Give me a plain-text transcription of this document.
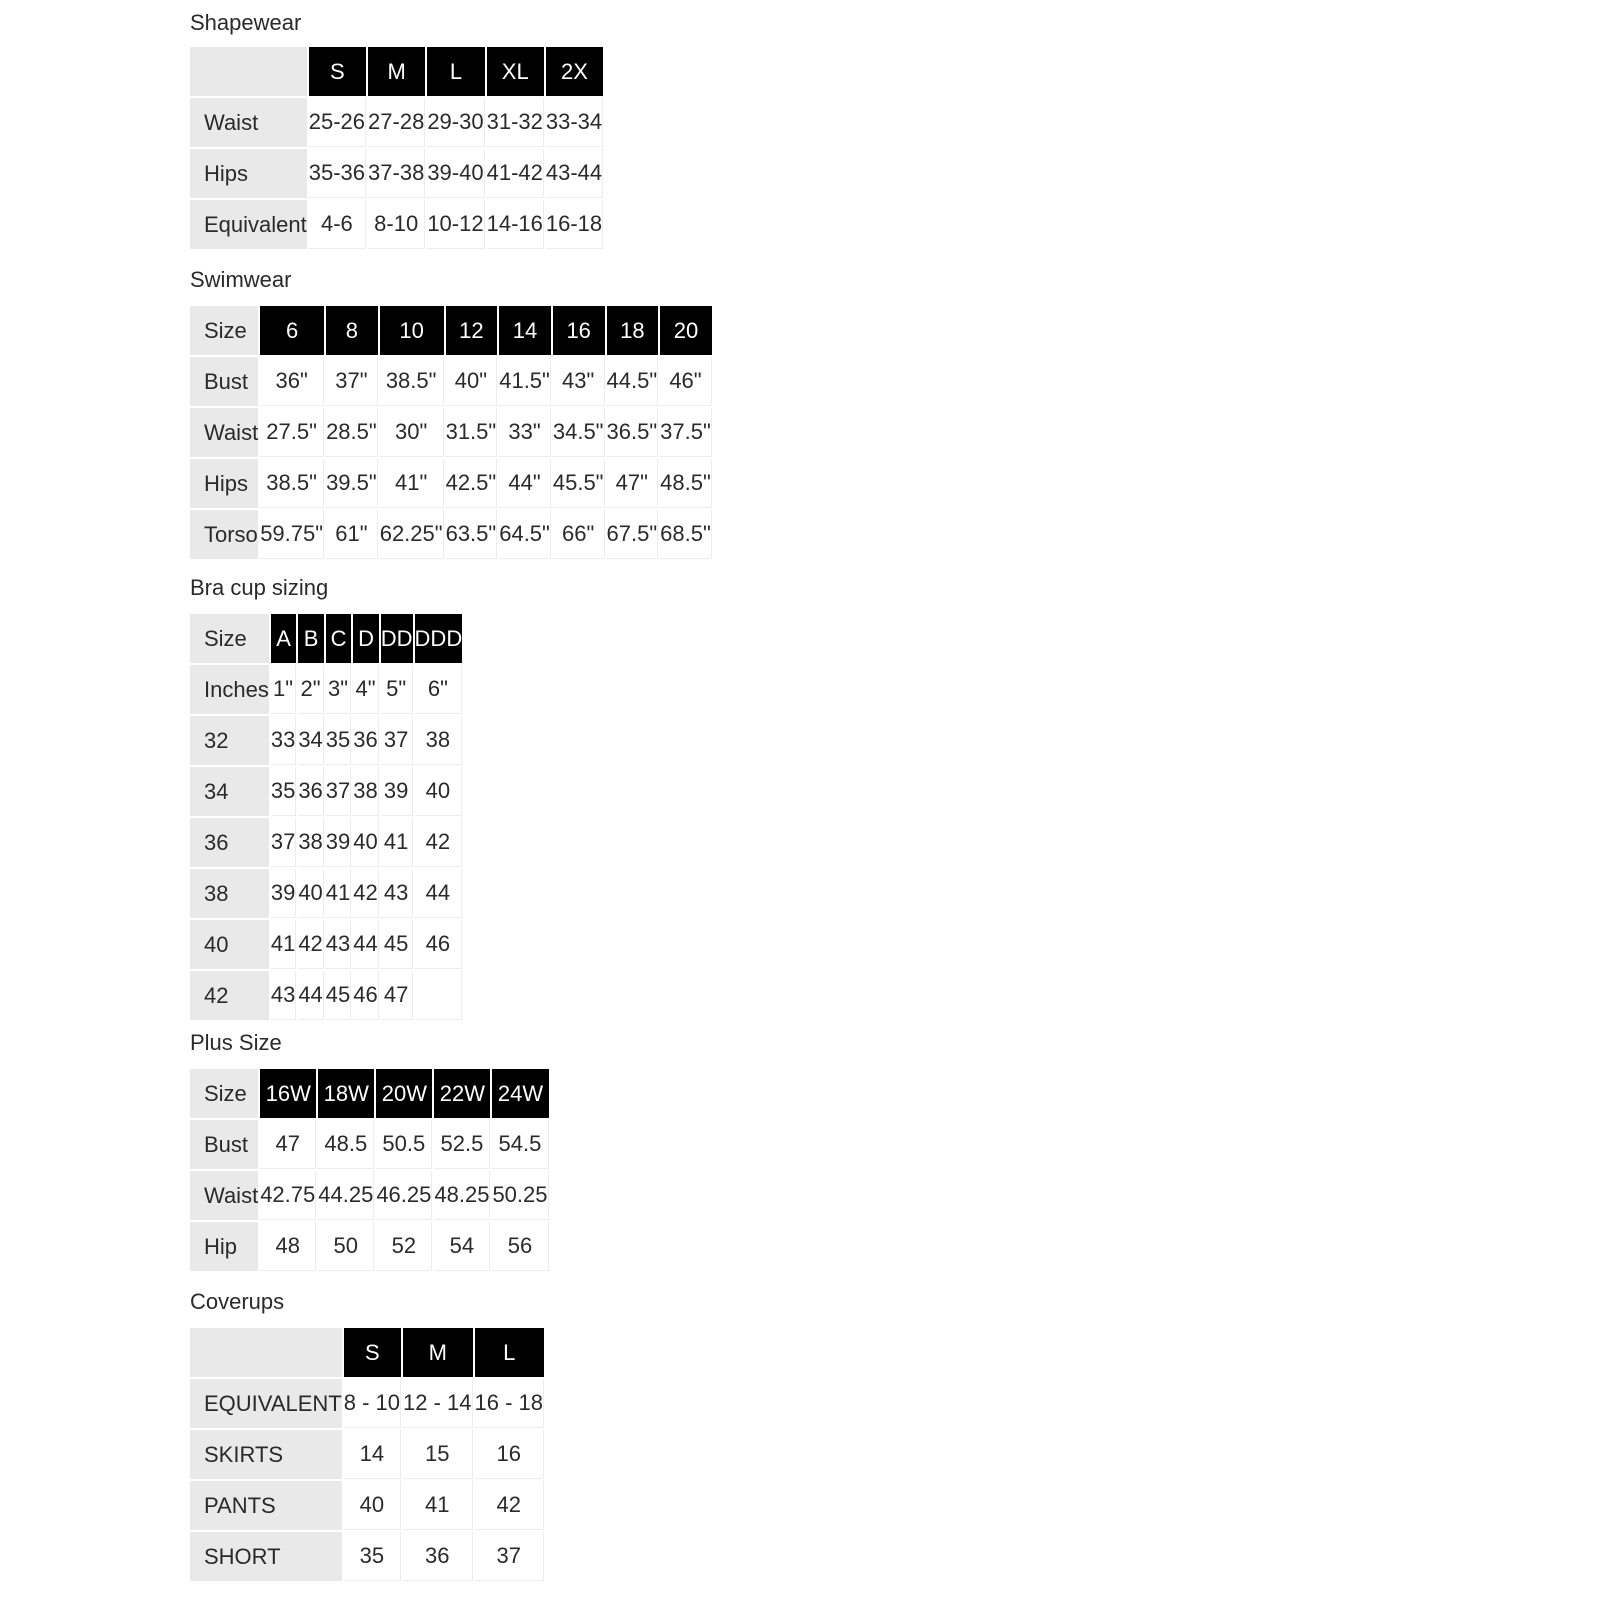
Shapewear
	S	M	L	XL	2X
Waist	25-26	27-28	29-30	31-32	33-34
Hips	35-36	37-38	39-40	41-42	43-44
Equivalent	4-6	8-10	10-12	14-16	16-18
Swimwear
Size	6	8	10	12	14	16	18	20
Bust	36"	37"	38.5"	40"	41.5"	43"	44.5"	46"
Waist	27.5"	28.5"	30"	31.5"	33"	34.5"	36.5"	37.5"
Hips	38.5"	39.5"	41"	42.5"	44"	45.5"	47"	48.5"
Torso	59.75"	61"	62.25"	63.5"	64.5"	66"	67.5"	68.5"
Bra cup sizing
Size	A	B	C	D	DD	DDD
Inches	1"	2"	3"	4"	5"	6"
32	33	34	35	36	37	38
34	35	36	37	38	39	40
36	37	38	39	40	41	42
38	39	40	41	42	43	44
40	41	42	43	44	45	46
42	43	44	45	46	47	
Plus Size
Size	16W	18W	20W	22W	24W
Bust	47	48.5	50.5	52.5	54.5
Waist	42.75	44.25	46.25	48.25	50.25
Hip	48	50	52	54	56
Coverups
	S	M	L
EQUIVALENT	8 - 10	12 - 14	16 - 18
SKIRTS	14	15	16
PANTS	40	41	42
SHORT	35	36	37
